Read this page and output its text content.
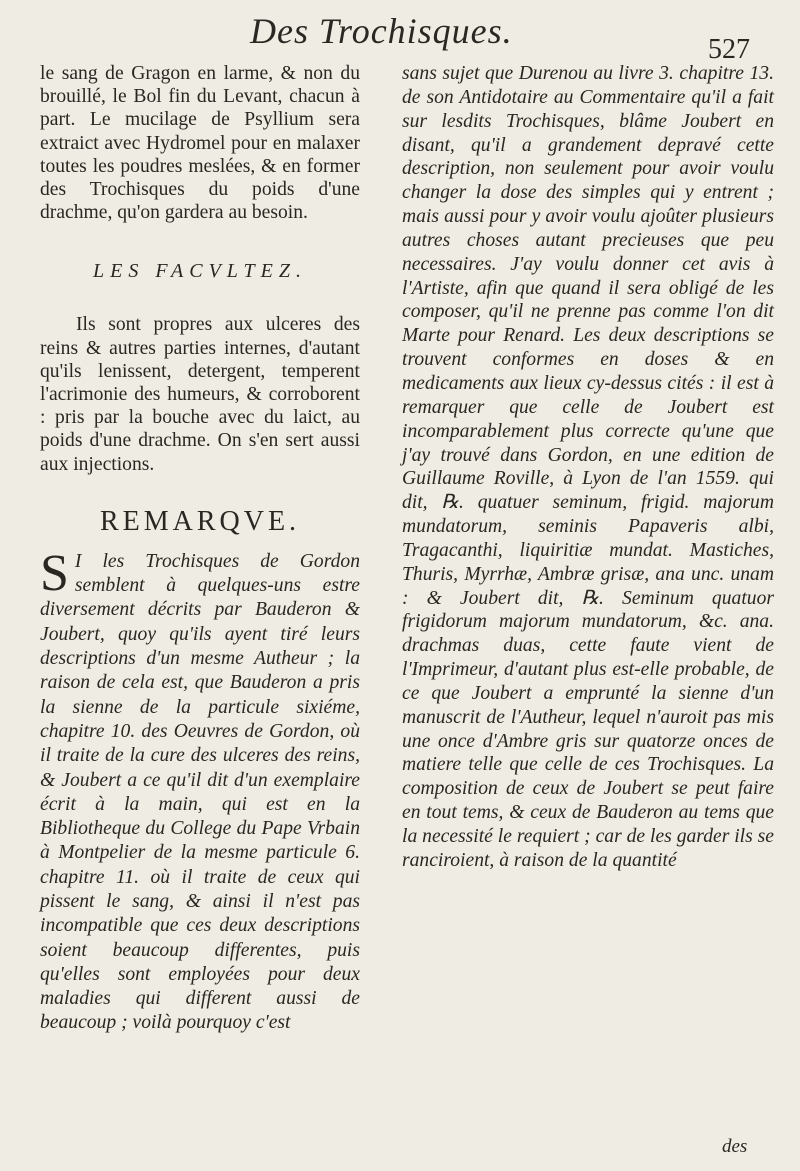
Des Trochisques.	527

le sang de Gragon en larme, & non du brouillé, le Bol fin du Levant, chacun à part. Le mucilage de Psyllium sera extraict avec Hydromel pour en malaxer toutes les poudres meslées, & en former des Trochisques du poids d'une drachme, qu'on gardera au besoin.

LES FACVLTEZ.

Ils sont propres aux ulceres des reins & autres parties internes, d'autant qu'ils lenissent, detergent, temperent l'acrimonie des humeurs, & corroborent : pris par la bouche avec du laict, au poids d'une drachme. On s'en sert aussi aux injections.

REMARQVE.

S I les Trochisques de Gordon semblent à quelques-uns estre diversement décrits par Bauderon & Joubert, quoy qu'ils ayent tiré leurs descriptions d'un mesme Autheur ; la raison de cela est, que Bauderon a pris la sienne de la particule sixiéme, chapitre 10. des Oeuvres de Gordon, où il traite de la cure des ulceres des reins, & Joubert a ce qu'il dit d'un exemplaire écrit à la main, qui est en la Bibliotheque du College du Pape Vrbain à Montpelier de la mesme particule 6. chapitre 11. où il traite de ceux qui pissent le sang, & ainsi il n'est pas incompatible que ces deux descriptions soient beaucoup differentes, puis qu'elles sont employées pour deux maladies qui different aussi de beaucoup ; voilà pourquoy c'est

sans sujet que Durenou au livre 3. chapitre 13. de son Antidotaire au Commentaire qu'il a fait sur lesdits Trochisques, blâme Joubert en disant, qu'il a grandement depravé cette description, non seulement pour avoir voulu changer la dose des simples qui y entrent ; mais aussi pour y avoir voulu ajoûter plusieurs autres choses autant precieuses que peu necessaires. J'ay voulu donner cet avis à l'Artiste, afin que quand il sera obligé de les composer, qu'il ne prenne pas comme l'on dit Marte pour Renard. Les deux descriptions se trouvent conformes en doses & en medicaments aux lieux cy-dessus cités : il est à remarquer que celle de Joubert est incomparablement plus correcte qu'une que j'ay trouvé dans Gordon, en une edition de Guillaume Roville, à Lyon de l'an 1559. qui dit, ℞. quatuer seminum, frigid. majorum mundatorum, seminis Papaveris albi, Tragacanthi, liquiritiæ mundat. Mastiches, Thuris, Myrrhæ, Ambræ grisæ, ana unc. unam : & Joubert dit, ℞. Seminum quatuor frigidorum majorum mundatorum, &c. ana. drachmas duas, cette faute vient de l'Imprimeur, d'autant plus est-elle probable, de ce que Joubert a emprunté la sienne d'un manuscrit de l'Autheur, lequel n'auroit pas mis une once d'Ambre gris sur quatorze onces de matiere telle que celle de ces Trochisques. La composition de ceux de Joubert se peut faire en tout tems, & ceux de Bauderon au tems que la necessité le requiert ; car de les garder ils se ranciroient, à raison de la quantité

des
